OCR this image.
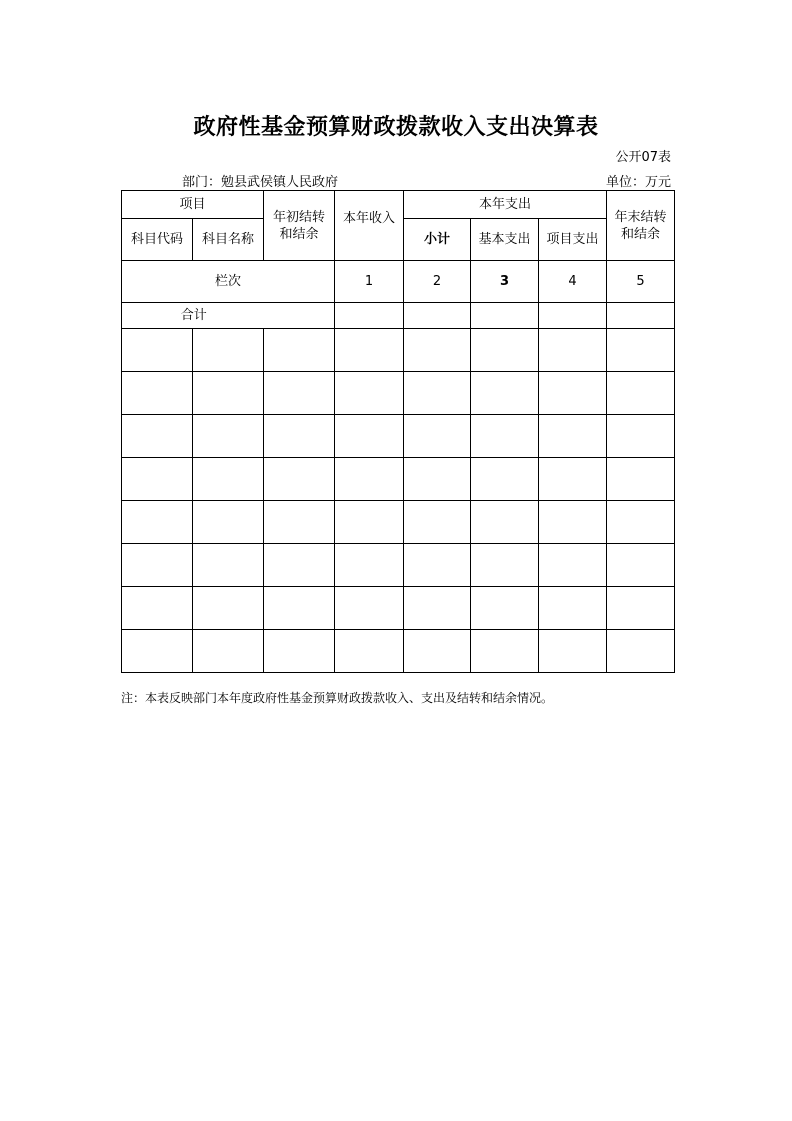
政府性基金预算财政拨款收入支出决算表
公开07表
部门：勉县武侯镇人民政府	单位：万元
项目		年初结转和结余	本年收入	本年支出			年末结转和结余	

科目代码	科目名称			小计	基本支出	项目支出		
栏次			1	2	3	4	5	
合计								

注：本表反映部门本年度政府性基金预算财政拨款收入、支出及结转和结余情况。
